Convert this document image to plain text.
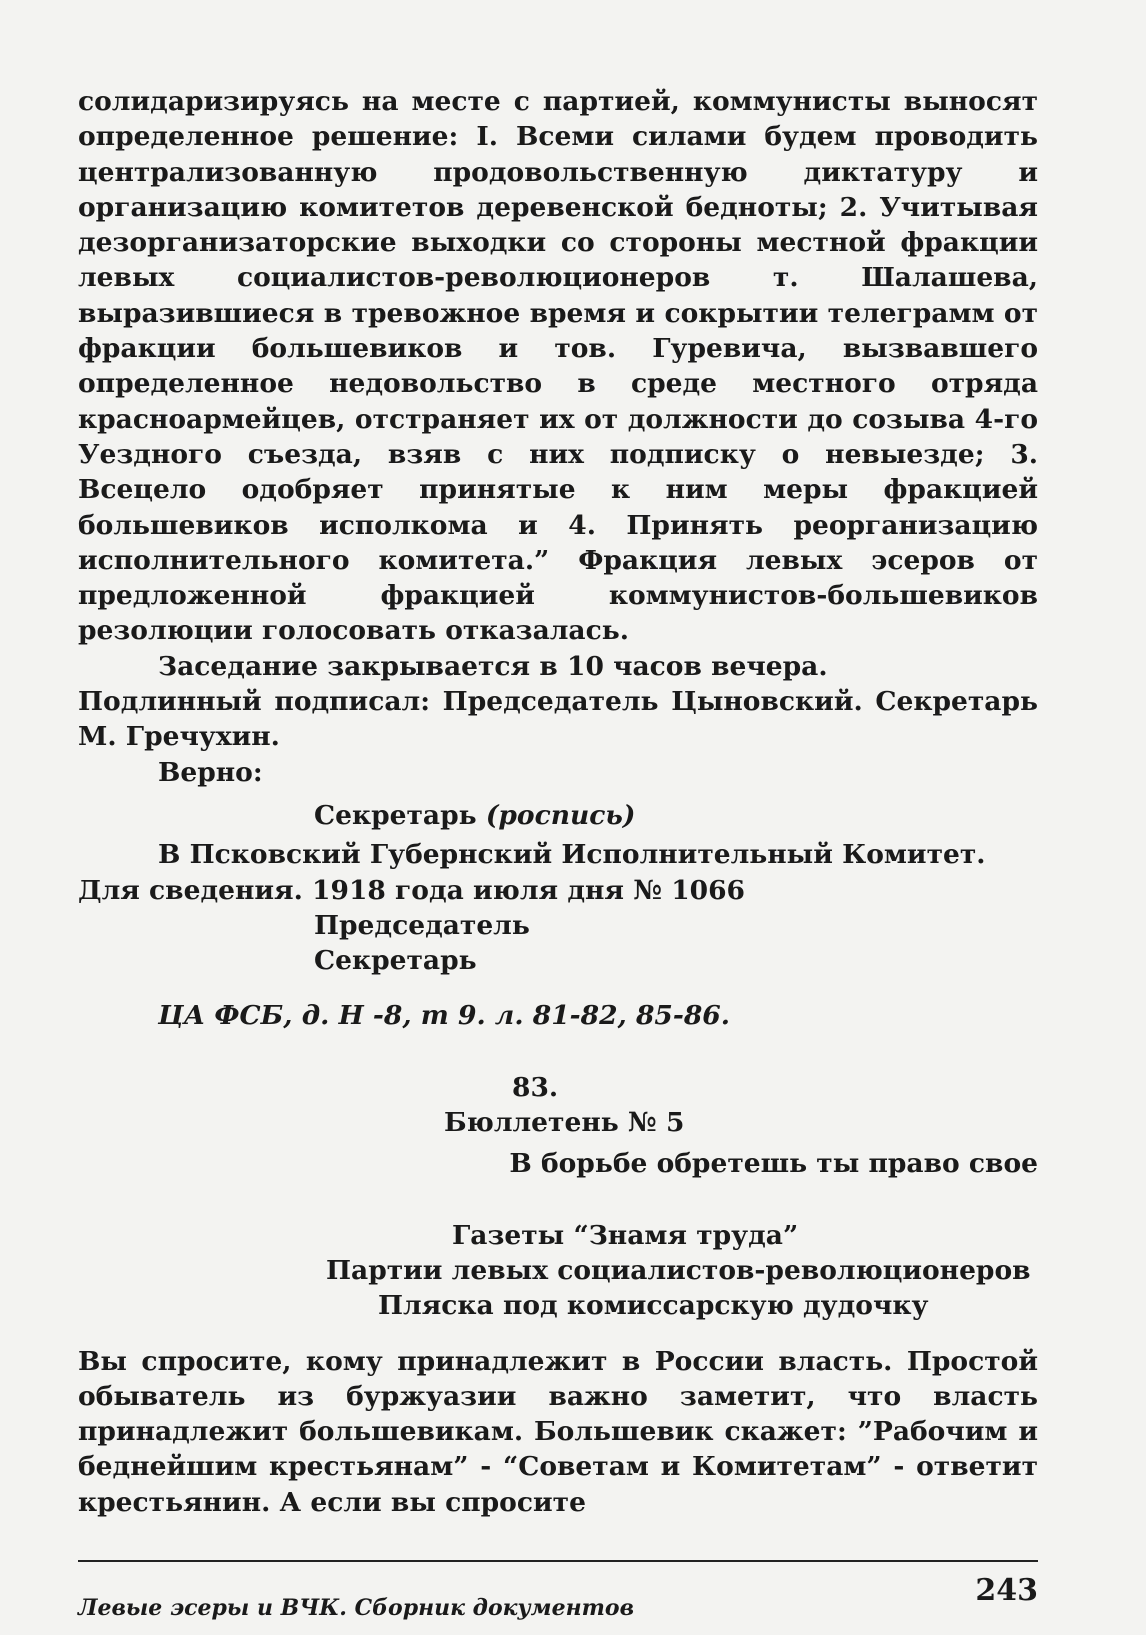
солидаризируясь на месте с партией, коммунисты выносят определенное решение: I. Всеми силами будем проводить централизованную продовольственную диктатуру и организацию комитетов деревенской бедноты; 2. Учитывая дезорганизаторские выходки со стороны местной фракции левых социалистов-революционеров т. Шалашева, выразившиеся в тревожное время и сокрытии телеграмм от фракции большевиков и тов. Гуревича, вызвавшего определенное недовольство в среде местного отряда красноармейцев, отстраняет их от должности до созыва 4-го Уездного съезда, взяв с них подписку о невыезде; 3. Всецело одобряет принятые к ним меры фракцией большевиков исполкома и 4. Принять реорганизацию исполнительного комитета.” Фракция левых эсеров от предложенной фракцией коммунистов-большевиков резолюции голосовать отказалась.

Заседание закрывается в 10 часов вечера.

Подлинный подписал: Председатель Цыновский. Секретарь М. Гречухин.

Верно:

Секретарь (роспись)

В Псковский Губернский Исполнительный Комитет.

Для сведения. 1918 года июля дня № 1066

Председатель

Секретарь

ЦА ФСБ, д. Н -8, т 9. л. 81-82, 85-86.

83.

Бюллетень № 5

В борьбе обретешь ты право свое

Газеты “Знамя труда”

Партии левых социалистов-революционеров

Пляска под комиссарскую дудочку

Вы спросите, кому принадлежит в России власть. Простой обыватель из буржуазии важно заметит, что власть принадлежит большевикам. Большевик скажет: ”Рабочим и беднейшим крестьянам” - “Советам и Комитетам” - ответит крестьянин. А если вы спросите

Левые эсеры и ВЧК. Сборник документов	243
